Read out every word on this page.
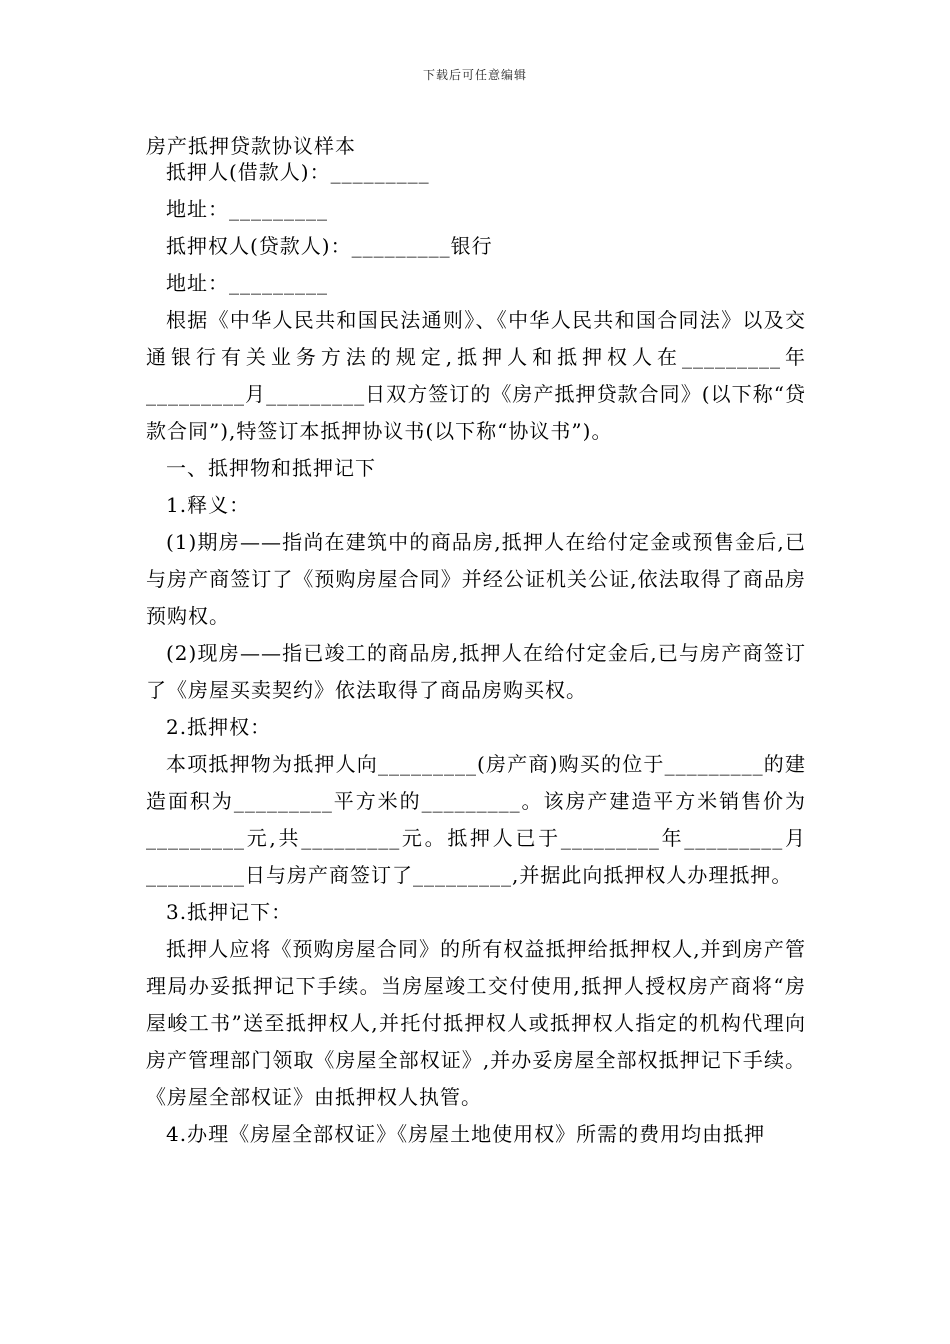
下载后可任意编辑
房产抵押贷款协议样本

抵押人(借款人)：_________

地址：_________

抵押权人(贷款人)：_________银行

地址：_________

根据《中华人民共和国民法通则》、《中华人民共和国合同法》以及交通银行有关业务方法的规定,抵押人和抵押权人在_________年_________月_________日双方签订的《房产抵押贷款合同》(以下称“贷款合同”),特签订本抵押协议书(以下称“协议书”)。

一、抵押物和抵押记下

1.释义：

(1)期房——指尚在建筑中的商品房,抵押人在给付定金或预售金后,已与房产商签订了《预购房屋合同》并经公证机关公证,依法取得了商品房预购权。

(2)现房——指已竣工的商品房,抵押人在给付定金后,已与房产商签订了《房屋买卖契约》依法取得了商品房购买权。

2.抵押权：

本项抵押物为抵押人向_________(房产商)购买的位于_________的建造面积为_________平方米的_________。该房产建造平方米销售价为_________元,共_________元。抵押人已于_________年_________月_________日与房产商签订了_________,并据此向抵押权人办理抵押。

3.抵押记下：

抵押人应将《预购房屋合同》的所有权益抵押给抵押权人,并到房产管理局办妥抵押记下手续。当房屋竣工交付使用,抵押人授权房产商将“房屋峻工书”送至抵押权人,并托付抵押权人或抵押权人指定的机构代理向房产管理部门领取《房屋全部权证》,并办妥房屋全部权抵押记下手续。《房屋全部权证》由抵押权人执管。

4.办理《房屋全部权证》《房屋土地使用权》所需的费用均由抵押
